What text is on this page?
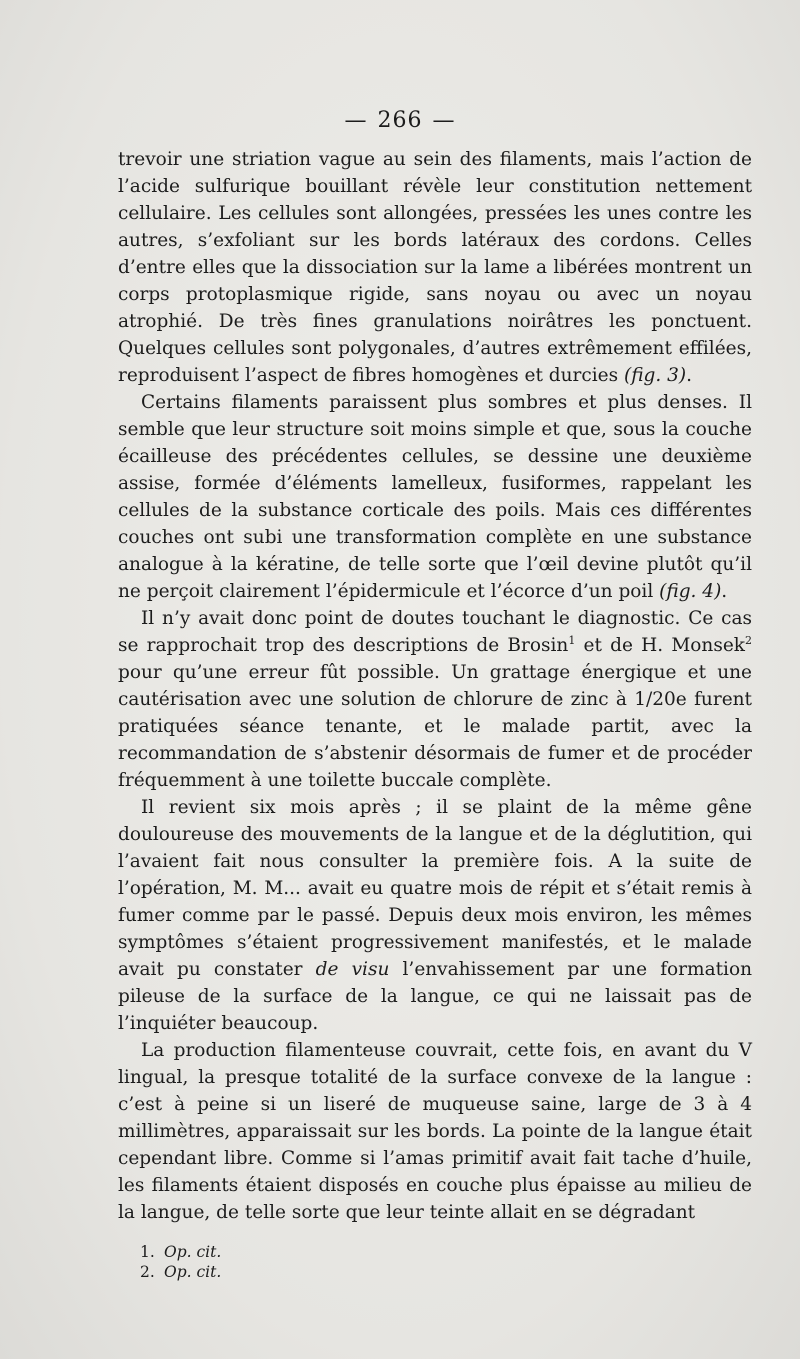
— 266 —

trevoir une striation vague au sein des filaments, mais l’action de l’acide sulfurique bouillant révèle leur constitution nettement cellulaire. Les cellules sont allongées, pressées les unes contre les autres, s’exfoliant sur les bords latéraux des cordons. Celles d’entre elles que la dissociation sur la lame a libérées montrent un corps protoplasmique rigide, sans noyau ou avec un noyau atrophié. De très fines granulations noirâtres les ponctuent. Quelques cellules sont polygonales, d’autres extrêmement effilées, reproduisent l’aspect de fibres homogènes et durcies (fig. 3).

Certains filaments paraissent plus sombres et plus denses. Il semble que leur structure soit moins simple et que, sous la couche écailleuse des précédentes cellules, se dessine une deuxième assise, formée d’éléments lamelleux, fusiformes, rappelant les cellules de la substance corticale des poils. Mais ces différentes couches ont subi une transformation complète en une substance analogue à la kératine, de telle sorte que l’œil devine plutôt qu’il ne perçoit clairement l’épidermicule et l’écorce d’un poil (fig. 4).

Il n’y avait donc point de doutes touchant le diagnostic. Ce cas se rapprochait trop des descriptions de Brosin$^1$ et de H. Monsek$^2$ pour qu’une erreur fût possible. Un grattage énergique et une cautérisation avec une solution de chlorure de zinc à 1/20e furent pratiquées séance tenante, et le malade partit, avec la recommandation de s’abstenir désormais de fumer et de procéder fréquemment à une toilette buccale complète.

Il revient six mois après ; il se plaint de la même gêne douloureuse des mouvements de la langue et de la déglutition, qui l’avaient fait nous consulter la première fois. A la suite de l’opération, M. M... avait eu quatre mois de répit et s’était remis à fumer comme par le passé. Depuis deux mois environ, les mêmes symptômes s’étaient progressivement manifestés, et le malade avait pu constater de visu l’envahissement par une formation pileuse de la surface de la langue, ce qui ne laissait pas de l’inquiéter beaucoup.

La production filamenteuse couvrait, cette fois, en avant du V lingual, la presque totalité de la surface convexe de la langue : c’est à peine si un liseré de muqueuse saine, large de 3 à 4 millimètres, apparaissait sur les bords. La pointe de la langue était cependant libre. Comme si l’amas primitif avait fait tache d’huile, les filaments étaient disposés en couche plus épaisse au milieu de la langue, de telle sorte que leur teinte allait en se dégradant

1. Op. cit.
2. Op. cit.
